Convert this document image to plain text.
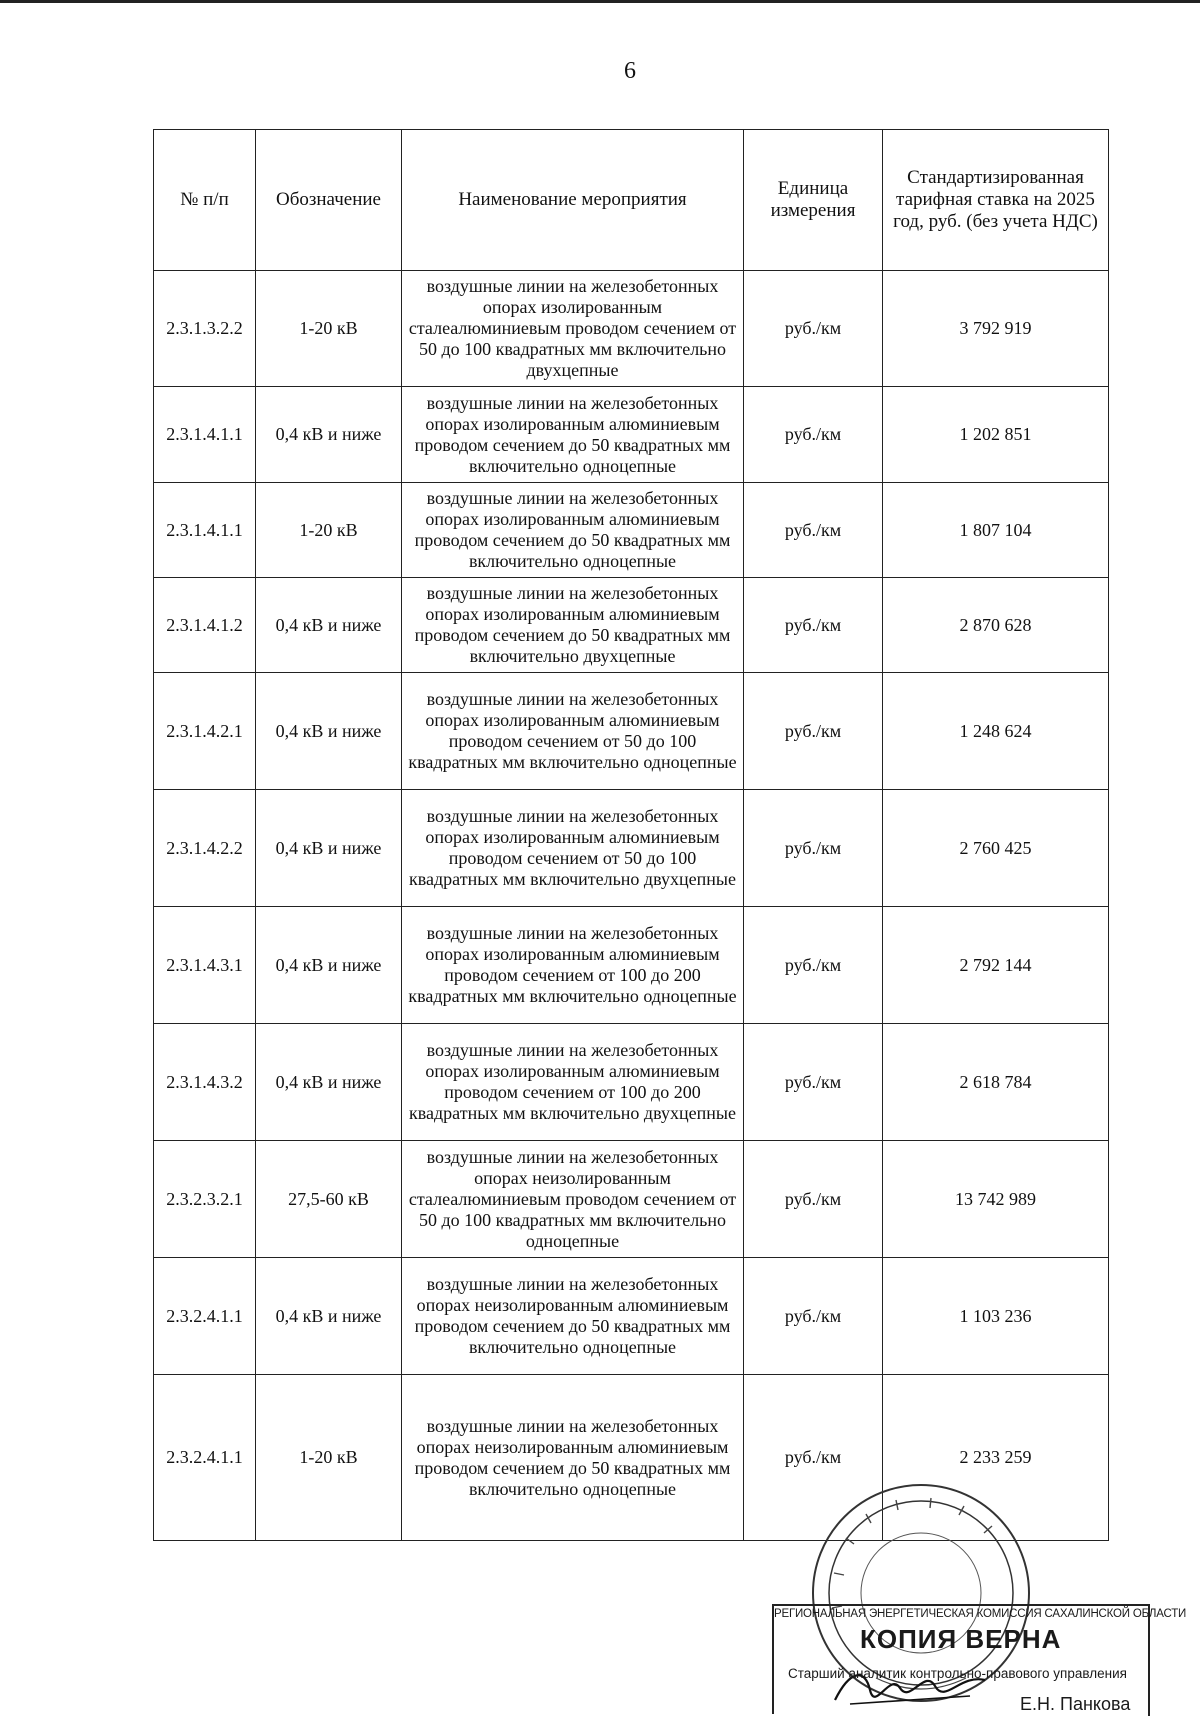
6
№ п/п	Обозначение	Наименование мероприятия	Единица измерения	Стандартизированная тарифная ставка на 2025 год, руб. (без учета НДС)
2.3.1.3.2.2	1-20 кВ	воздушные линии на железобетонных опорах изолированным сталеалюминиевым проводом сечением от 50 до 100 квадратных мм включительно двухцепные	руб./км	3 792 919
2.3.1.4.1.1	0,4 кВ и ниже	воздушные линии на железобетонных опорах изолированным алюминиевым проводом сечением до 50 квадратных мм включительно одноцепные	руб./км	1 202 851
2.3.1.4.1.1	1-20 кВ	воздушные линии на железобетонных опорах изолированным алюминиевым проводом сечением до 50 квадратных мм включительно одноцепные	руб./км	1 807 104
2.3.1.4.1.2	0,4 кВ и ниже	воздушные линии на железобетонных опорах изолированным алюминиевым проводом сечением до 50 квадратных мм включительно двухцепные	руб./км	2 870 628
2.3.1.4.2.1	0,4 кВ и ниже	воздушные линии на железобетонных опорах изолированным алюминиевым проводом сечением от 50 до 100 квадратных мм включительно одноцепные	руб./км	1 248 624
2.3.1.4.2.2	0,4 кВ и ниже	воздушные линии на железобетонных опорах изолированным алюминиевым проводом сечением от 50 до 100 квадратных мм включительно двухцепные	руб./км	2 760 425
2.3.1.4.3.1	0,4 кВ и ниже	воздушные линии на железобетонных опорах изолированным алюминиевым проводом сечением от 100 до 200 квадратных мм включительно одноцепные	руб./км	2 792 144
2.3.1.4.3.2	0,4 кВ и ниже	воздушные линии на железобетонных опорах изолированным алюминиевым проводом сечением от 100 до 200 квадратных мм включительно двухцепные	руб./км	2 618 784
2.3.2.3.2.1	27,5-60 кВ	воздушные линии на железобетонных опорах неизолированным сталеалюминиевым проводом сечением от 50 до 100 квадратных мм включительно одноцепные	руб./км	13 742 989
2.3.2.4.1.1	0,4 кВ и ниже	воздушные линии на железобетонных опорах неизолированным алюминиевым проводом сечением до 50 квадратных мм включительно одноцепные	руб./км	1 103 236
2.3.2.4.1.1	1-20 кВ	воздушные линии на железобетонных опорах неизолированным алюминиевым проводом сечением до 50 квадратных мм включительно одноцепные	руб./км	2 233 259
РЕГИОНАЛЬНАЯ ЭНЕРГЕТИЧЕСКАЯ КОМИССИЯ САХАЛИНСКОЙ ОБЛАСТИ
КОПИЯ ВЕРНА
Старший аналитик контрольно-правового управления
Е.Н. Панкова
